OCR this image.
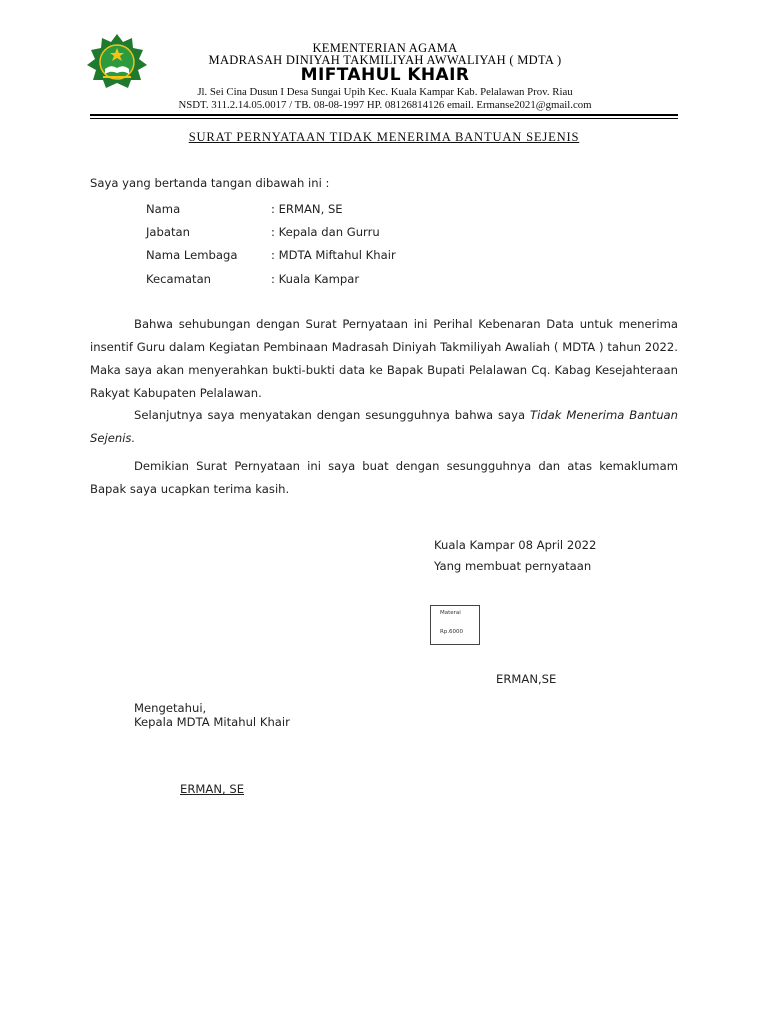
KEMENTERIAN AGAMA
MADRASAH DINIYAH TAKMILIYAH AWWALIYAH ( MDTA )
MIFTAHUL KHAIR
Jl. Sei Cina Dusun I Desa Sungai Upih Kec. Kuala Kampar Kab. Pelalawan Prov. Riau
NSDT. 311.2.14.05.0017 / TB. 08-08-1997 HP. 08126814126 email. Ermanse2021@gmail.com
SURAT PERNYATAAN TIDAK MENERIMA BANTUAN SEJENIS
Saya yang bertanda tangan dibawah ini :
Nama	: ERMAN, SE
Jabatan	: Kepala dan Gurru
Nama Lembaga	: MDTA Miftahul Khair
Kecamatan	: Kuala Kampar
Bahwa sehubungan dengan Surat Pernyataan ini Perihal Kebenaran Data untuk menerima insentif Guru dalam Kegiatan Pembinaan Madrasah Diniyah Takmiliyah Awaliah ( MDTA ) tahun 2022. Maka saya akan menyerahkan bukti-bukti data ke Bapak Bupati Pelalawan Cq. Kabag Kesejahteraan Rakyat Kabupaten Pelalawan.
Selanjutnya saya menyatakan dengan sesungguhnya bahwa saya Tidak Menerima Bantuan Sejenis.
Demikian Surat Pernyataan ini saya buat dengan sesungguhnya dan atas kemaklumam Bapak saya ucapkan terima kasih.
Kuala Kampar 08 April 2022
Yang membuat pernyataan
Materai
Rp.6000
ERMAN,SE
Mengetahui,
Kepala MDTA Mitahul Khair
ERMAN, SE
